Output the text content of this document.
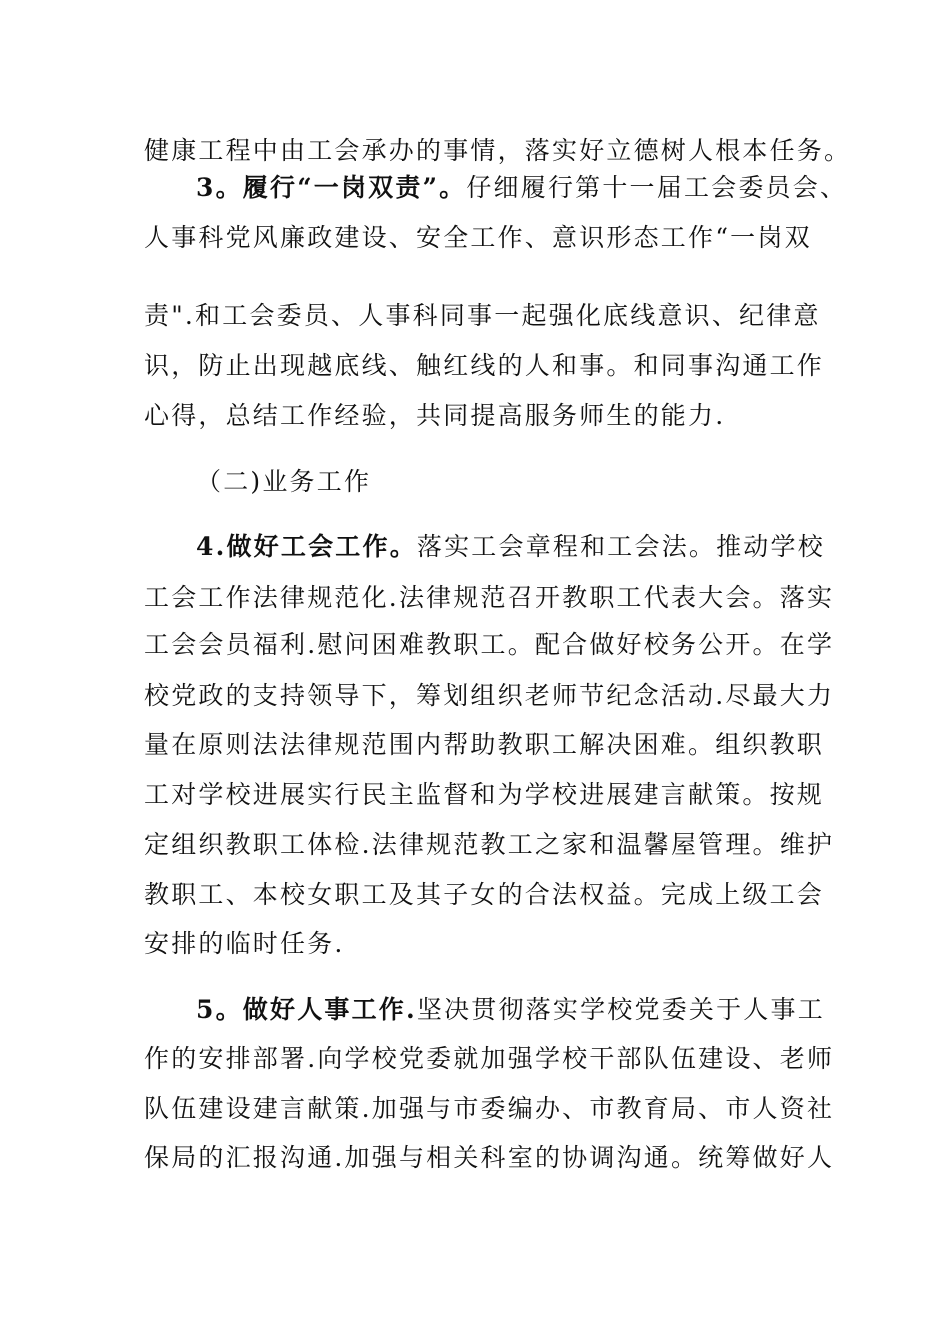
健康工程中由工会承办的事情，落实好立德树人根本任务。
3。履行“一岗双责”。仔细履行第十一届工会委员会、
人事科党风廉政建设、安全工作、意识形态工作“一岗双
责".和工会委员、人事科同事一起强化底线意识、纪律意
识，防止出现越底线、触红线的人和事。和同事沟通工作
心得，总结工作经验，共同提高服务师生的能力.
（二)业务工作
4.做好工会工作。落实工会章程和工会法。推动学校
工会工作法律规范化.法律规范召开教职工代表大会。落实
工会会员福利.慰问困难教职工。配合做好校务公开。在学
校党政的支持领导下，筹划组织老师节纪念活动.尽最大力
量在原则法法律规范围内帮助教职工解决困难。组织教职
工对学校进展实行民主监督和为学校进展建言献策。按规
定组织教职工体检.法律规范教工之家和温馨屋管理。维护
教职工、本校女职工及其子女的合法权益。完成上级工会
安排的临时任务.
5。做好人事工作.坚决贯彻落实学校党委关于人事工
作的安排部署.向学校党委就加强学校干部队伍建设、老师
队伍建设建言献策.加强与市委编办、市教育局、市人资社
保局的汇报沟通.加强与相关科室的协调沟通。统筹做好人
